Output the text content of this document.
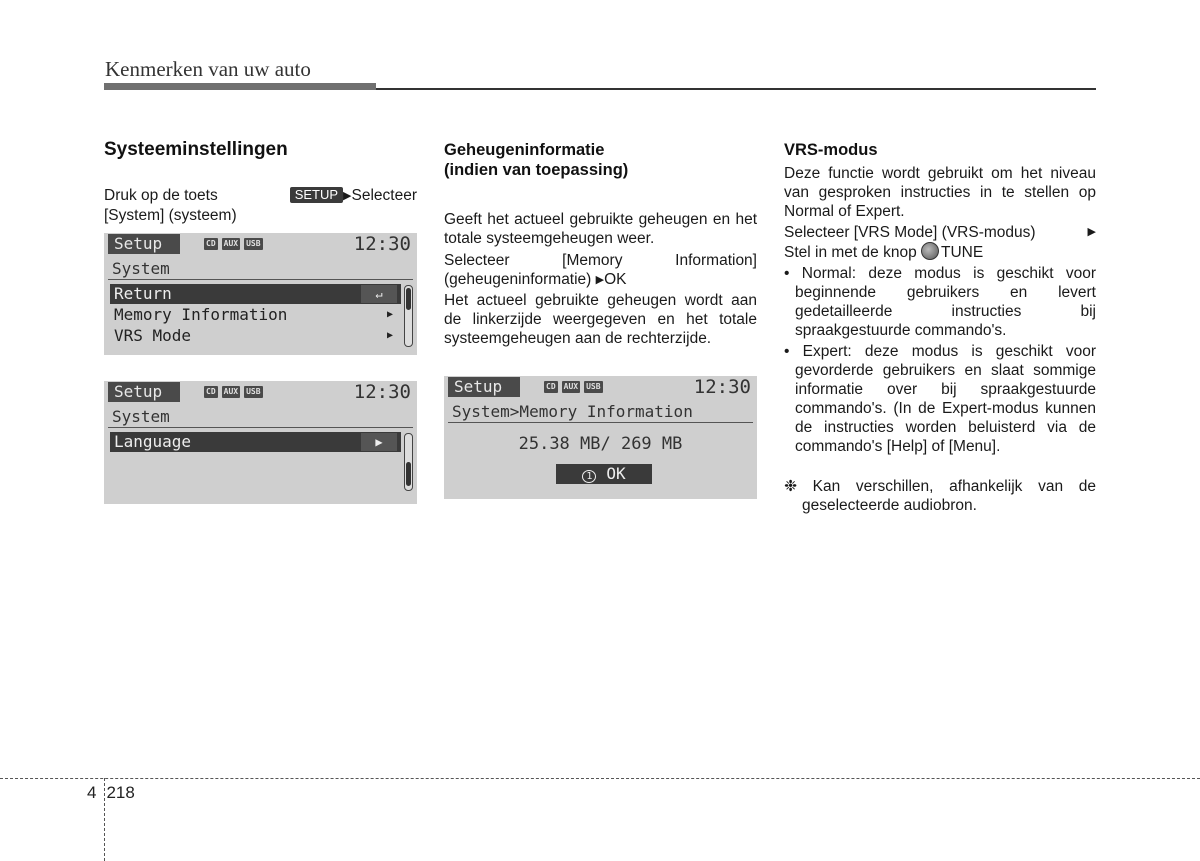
Kenmerken van uw auto
Systeeminstellingen
Druk op de toets	SETUP ▶Selecteer
[System] (systeem)
Setup	CD AUX USB	12:30
System
Return	↵
Memory Information	▶
VRS Mode	▶
Setup	CD AUX USB	12:30
System
Language	▶
Geheugeninformatie
(indien van toepassing)
Geeft het actueel gebruikte geheugen en het totale systeemgeheugen weer.
Selecteer [Memory Information] (geheugeninformatie) ▶OK
Het actueel gebruikte geheugen wordt aan de linkerzijde weergegeven en het totale systeemgeheugen aan de rechterzijde.
Setup	CD AUX USB	12:30
System>Memory Information
25.38 MB/ 269 MB
1 OK
VRS-modus
Deze functie wordt gebruikt om het niveau van gesproken instructies in te stellen op Normal of Expert.
Selecteer [VRS Mode] (VRS-modus)	▶
Stel in met de knop TUNE
• Normal: deze modus is geschikt voor beginnende gebruikers en levert gedetailleerde instructies bij spraakgestuurde commando's.
• Expert: deze modus is geschikt voor gevorderde gebruikers en slaat sommige informatie over bij spraakgestuurde commando's. (In de Expert-modus kunnen de instructies worden beluisterd via de commando's [Help] of [Menu].
❉ Kan verschillen, afhankelijk van de geselecteerde audiobron.
4 218
